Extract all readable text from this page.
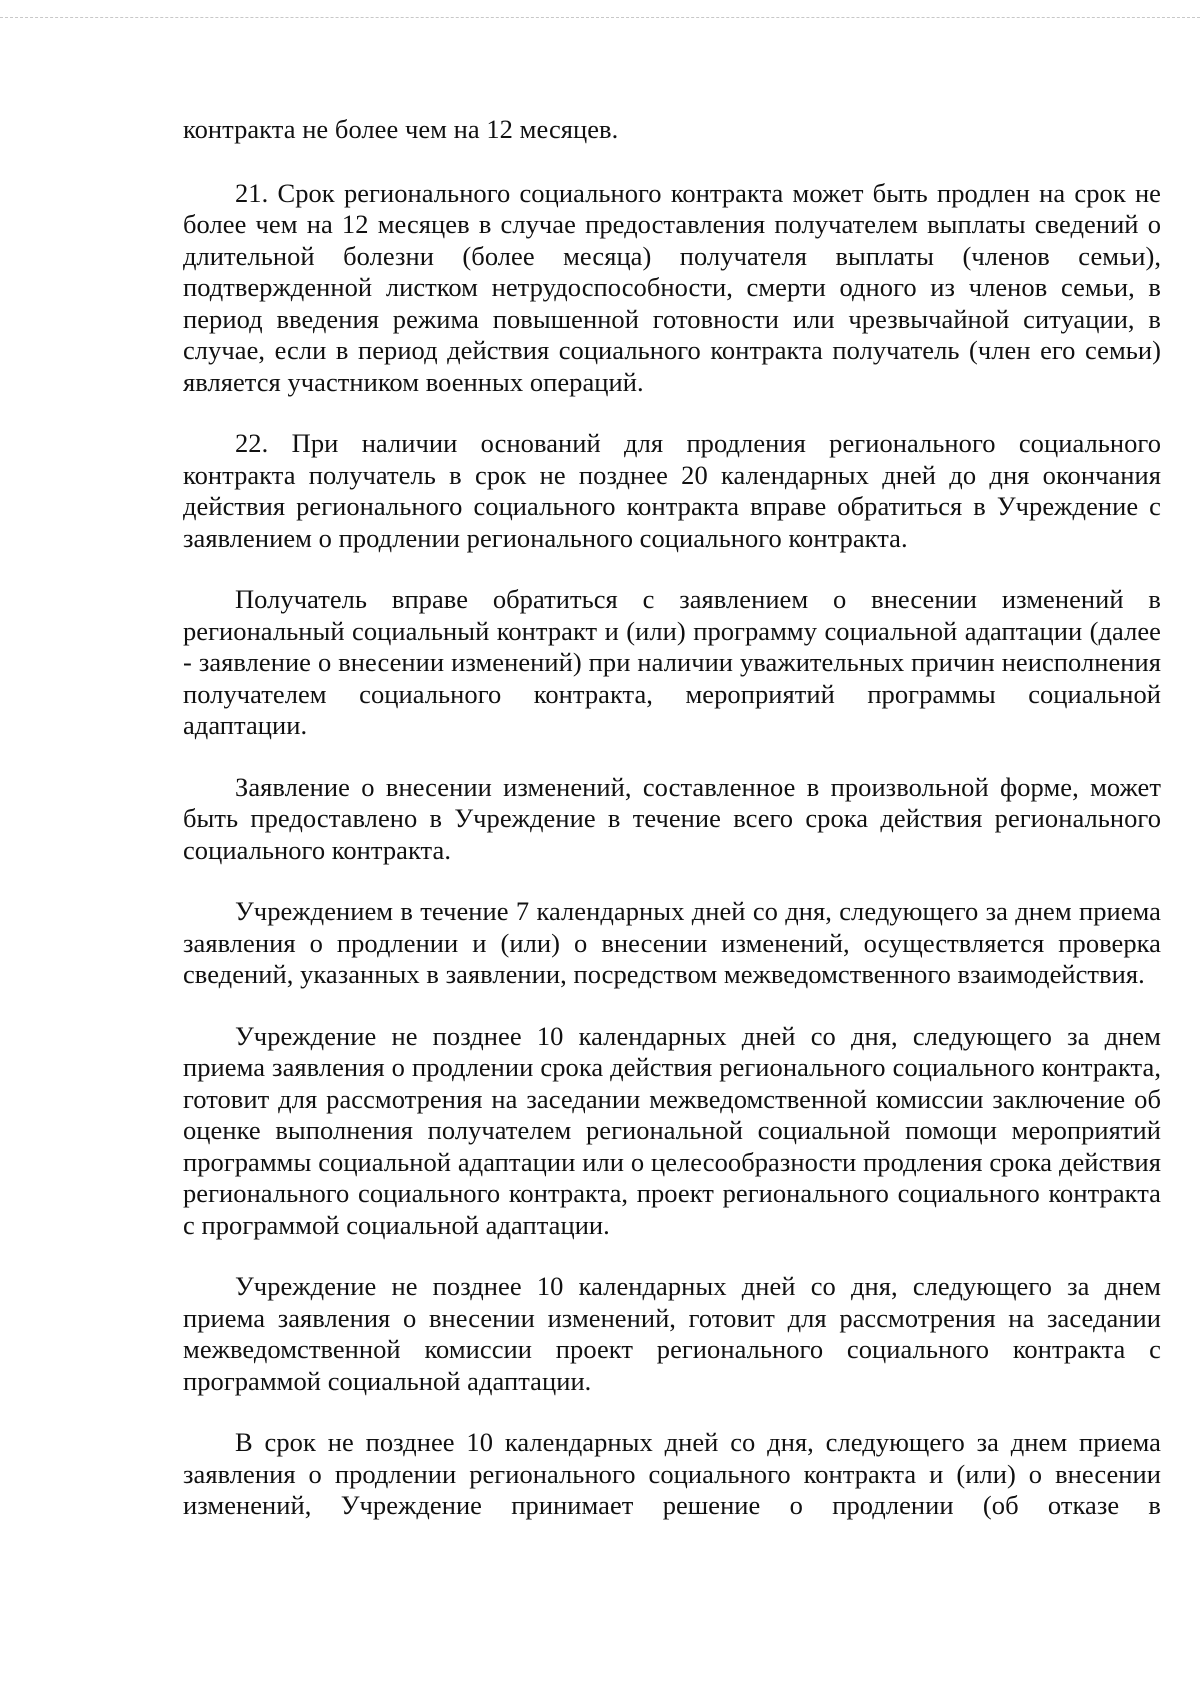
контракта не более чем на 12 месяцев.

21. Срок регионального социального контракта может быть продлен на срок не более чем на 12 месяцев в случае предоставления получателем выплаты сведений о длительной болезни (более месяца) получателя выплаты (членов семьи), подтвержденной листком нетрудоспособности, смерти одного из членов семьи, в период введения режима повышенной готовности или чрезвычайной ситуации, в случае, если в период действия социального контракта получатель (член его семьи) является участником военных операций.

22. При наличии оснований для продления регионального социального контракта получатель в срок не позднее 20 календарных дней до дня окончания действия регионального социального контракта вправе обратиться в Учреждение с заявлением о продлении регионального социального контракта.

Получатель вправе обратиться с заявлением о внесении изменений в региональный социальный контракт и (или) программу социальной адаптации (далее - заявление о внесении изменений) при наличии уважительных причин неисполнения получателем социального контракта, мероприятий программы социальной адаптации.

Заявление о внесении изменений, составленное в произвольной форме, может быть предоставлено в Учреждение в течение всего срока действия регионального социального контракта.

Учреждением в течение 7 календарных дней со дня, следующего за днем приема заявления о продлении и (или) о внесении изменений, осуществляется проверка сведений, указанных в заявлении, посредством межведомственного взаимодействия.

Учреждение не позднее 10 календарных дней со дня, следующего за днем приема заявления о продлении срока действия регионального социального контракта, готовит для рассмотрения на заседании межведомственной комиссии заключение об оценке выполнения получателем региональной социальной помощи мероприятий программы социальной адаптации или о целесообразности продления срока действия регионального социального контракта, проект регионального социального контракта с программой социальной адаптации.

Учреждение не позднее 10 календарных дней со дня, следующего за днем приема заявления о внесении изменений, готовит для рассмотрения на заседании межведомственной комиссии проект регионального социального контракта с программой социальной адаптации.

В срок не позднее 10 календарных дней со дня, следующего за днем приема заявления о продлении регионального социального контракта и (или) о внесении изменений, Учреждение принимает решение о продлении (об отказе в
